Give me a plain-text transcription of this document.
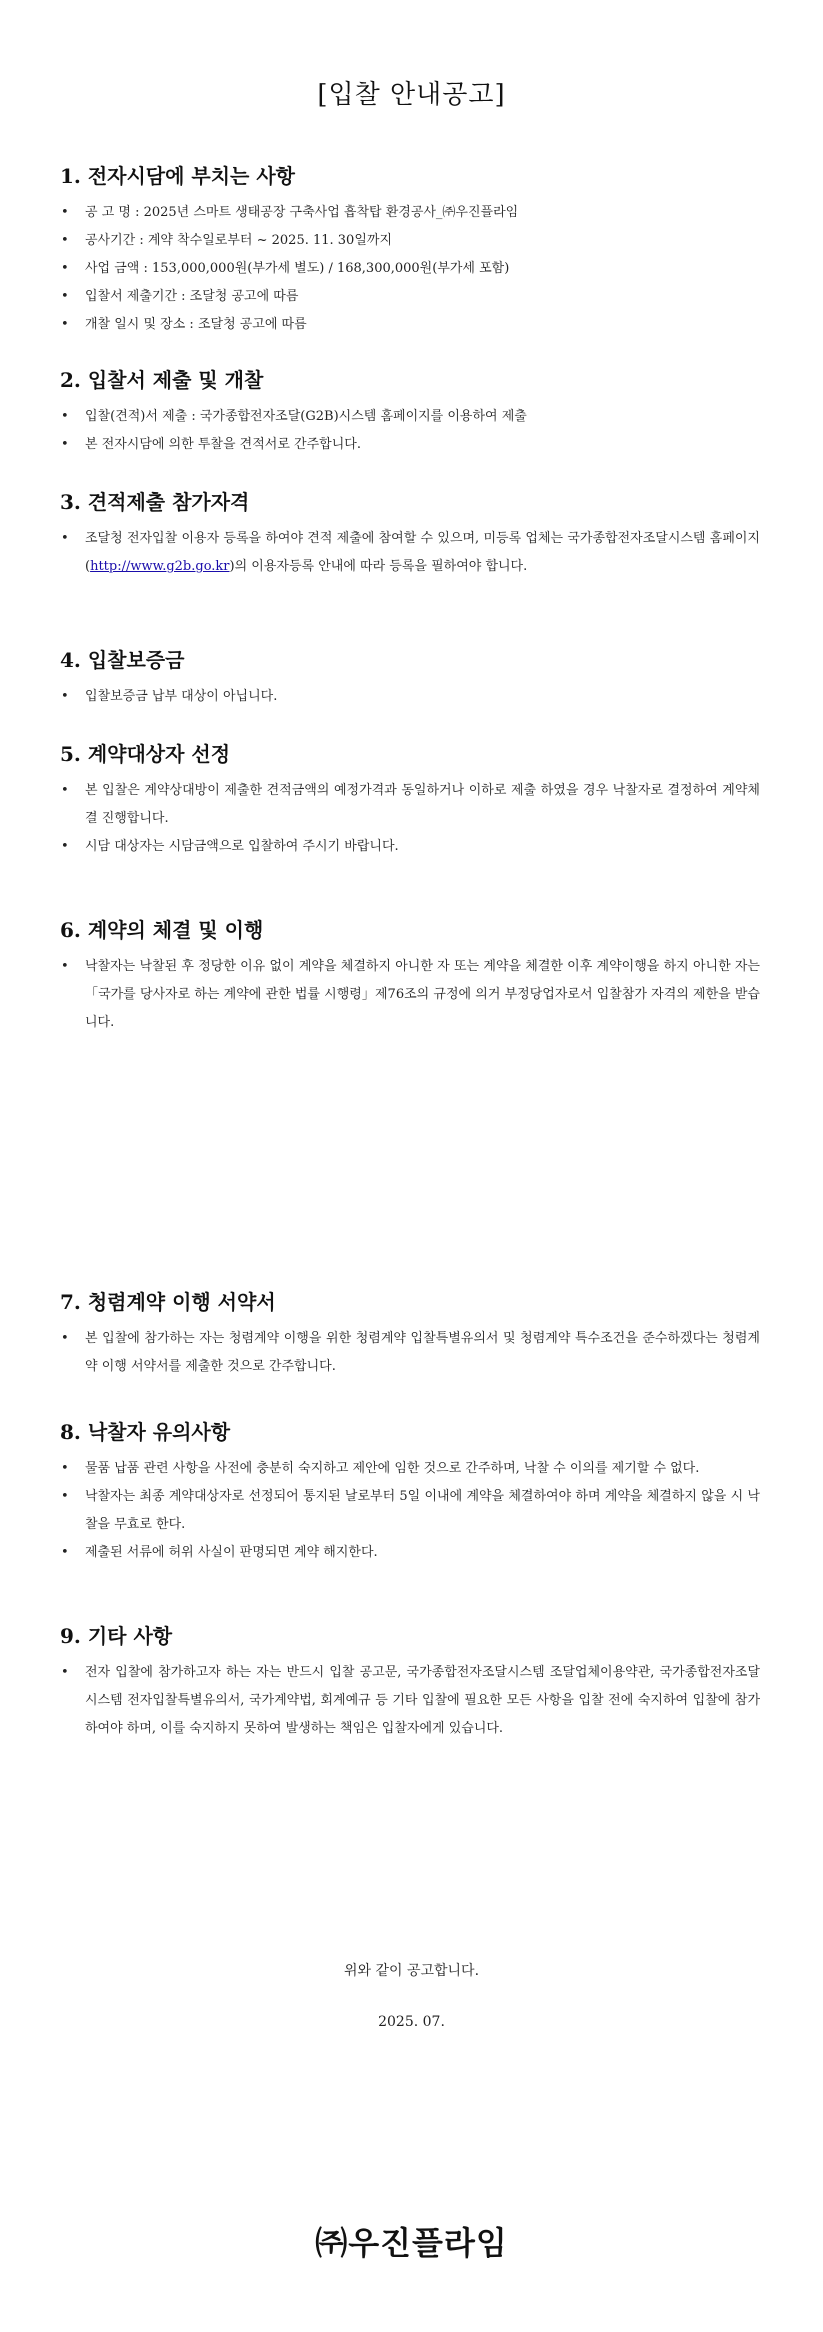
[입찰 안내공고]
1. 전자시담에 부치는 사항
• 공 고 명 : 2025년 스마트 생태공장 구축사업 흡착탑 환경공사_㈜우진플라임
• 공사기간 : 계약 착수일로부터 ~ 2025. 11. 30일까지
• 사업 금액 : 153,000,000원(부가세 별도) / 168,300,000원(부가세 포함)
• 입찰서 제출기간 : 조달청 공고에 따름
• 개찰 일시 및 장소 : 조달청 공고에 따름
2. 입찰서 제출 및 개찰
• 입찰(견적)서 제출 : 국가종합전자조달(G2B)시스템 홈페이지를 이용하여 제출
• 본 전자시담에 의한 투찰을 견적서로 간주합니다.
3. 견적제출 참가자격
• 조달청 전자입찰 이용자 등록을 하여야 견적 제출에 참여할 수 있으며, 미등록 업체는 국가종합전자조달시스템 홈페이지(http://www.g2b.go.kr)의 이용자등록 안내에 따라 등록을 필하여야 합니다.
4. 입찰보증금
• 입찰보증금 납부 대상이 아닙니다.
5. 계약대상자 선정
• 본 입찰은 계약상대방이 제출한 견적금액의 예정가격과 동일하거나 이하로 제출 하였을 경우 낙찰자로 결정하여 계약체결 진행합니다.
• 시담 대상자는 시담금액으로 입찰하여 주시기 바랍니다.
6. 계약의 체결 및 이행
• 낙찰자는 낙찰된 후 정당한 이유 없이 계약을 체결하지 아니한 자 또는 계약을 체결한 이후 계약이행을 하지 아니한 자는 「국가를 당사자로 하는 계약에 관한 법률 시행령」제76조의 규정에 의거 부정당업자로서 입찰참가 자격의 제한을 받습니다.
7. 청렴계약 이행 서약서
• 본 입찰에 참가하는 자는 청렴계약 이행을 위한 청렴계약 입찰특별유의서 및 청렴계약 특수조건을 준수하겠다는 청렴계약 이행 서약서를 제출한 것으로 간주합니다.
8. 낙찰자 유의사항
• 물품 납품 관련 사항을 사전에 충분히 숙지하고 제안에 임한 것으로 간주하며, 낙찰 수 이의를 제기할 수 없다.
• 낙찰자는 최종 계약대상자로 선정되어 통지된 날로부터 5일 이내에 계약을 체결하여야 하며 계약을 체결하지 않을 시 낙찰을 무효로 한다.
• 제출된 서류에 허위 사실이 판명되면 계약 해지한다.
9. 기타 사항
• 전자 입찰에 참가하고자 하는 자는 반드시 입찰 공고문, 국가종합전자조달시스템 조달업체이용약관, 국가종합전자조달시스템 전자입찰특별유의서, 국가계약법, 회계예규 등 기타 입찰에 필요한 모든 사항을 입찰 전에 숙지하여 입찰에 참가하여야 하며, 이를 숙지하지 못하여 발생하는 책임은 입찰자에게 있습니다.
위와 같이 공고합니다.
2025. 07.
㈜우진플라임
